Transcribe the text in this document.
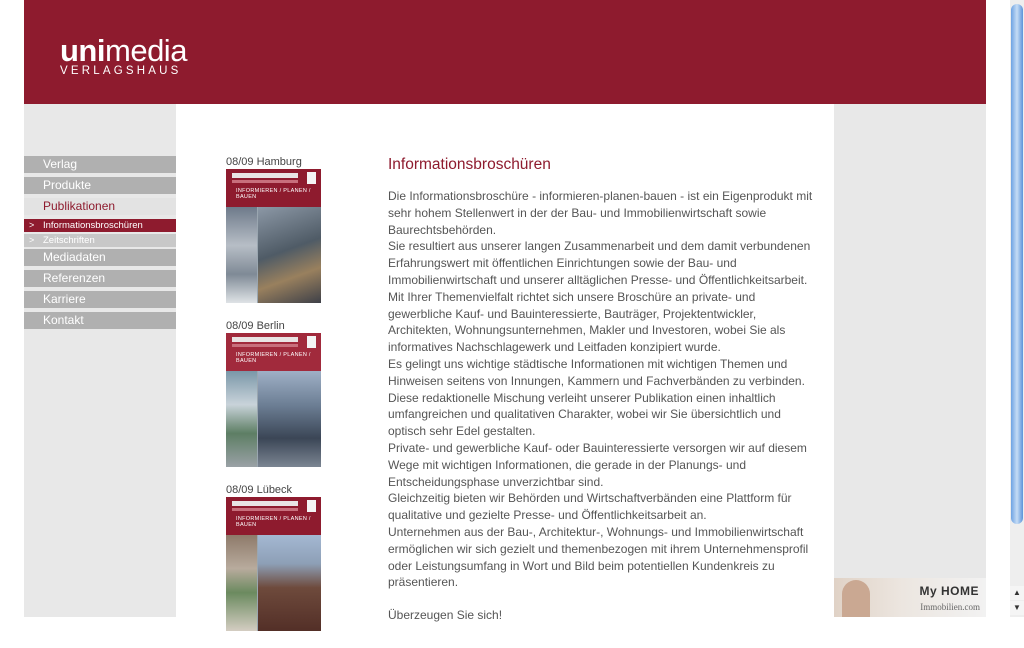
unimedia
VERLAGSHAUS
Verlag
Produkte
Publikationen
> Informationsbroschüren
> Zeitschriften
Mediadaten
Referenzen
Karriere
Kontakt
08/09 Hamburg
INFORMIEREN / PLANEN / BAUEN
08/09 Berlin
INFORMIEREN / PLANEN / BAUEN
08/09 Lübeck
INFORMIEREN / PLANEN / BAUEN
Informationsbroschüren

Die Informationsbroschüre - informieren-planen-bauen - ist ein Eigenprodukt mit sehr hohem Stellenwert in der der Bau- und Immobilienwirtschaft sowie Baurechtsbehörden.

Sie resultiert aus unserer langen Zusammenarbeit und dem damit verbundenen Erfahrungswert mit öffentlichen Einrichtungen sowie der Bau- und Immobilienwirtschaft und unserer alltäglichen Presse- und Öffentlichkeitsarbeit.

Mit Ihrer Themenvielfalt richtet sich unsere Broschüre an private- und gewerbliche Kauf- und Bauinteressierte, Bauträger, Projektentwickler, Architekten, Wohnungsunternehmen, Makler und Investoren, wobei Sie als informatives Nachschlagewerk und Leitfaden konzipiert wurde.

Es gelingt uns wichtige städtische Informationen mit wichtigen Themen und Hinweisen seitens von Innungen, Kammern und Fachverbänden zu verbinden.

Diese redaktionelle Mischung verleiht unserer Publikation einen inhaltlich umfangreichen und qualitativen Charakter, wobei wir Sie übersichtlich und optisch sehr Edel gestalten.

Private- und gewerbliche Kauf- oder Bauinteressierte versorgen wir auf diesem Wege mit wichtigen Informationen, die gerade in der Planungs- und Entscheidungsphase unverzichtbar sind.

Gleichzeitig bieten wir Behörden und Wirtschaftverbänden eine Plattform für qualitative und gezielte Presse- und Öffentlichkeitsarbeit an.

Unternehmen aus der Bau-, Architektur-, Wohnungs- und Immobilienwirtschaft ermöglichen wir sich gezielt und themenbezogen mit ihrem Unternehmensprofil oder Leistungsumfang in Wort und Bild beim potentiellen Kundenkreis zu präsentieren.

Überzeugen Sie sich!

My HOME
Immobilien.com
▲
▼
